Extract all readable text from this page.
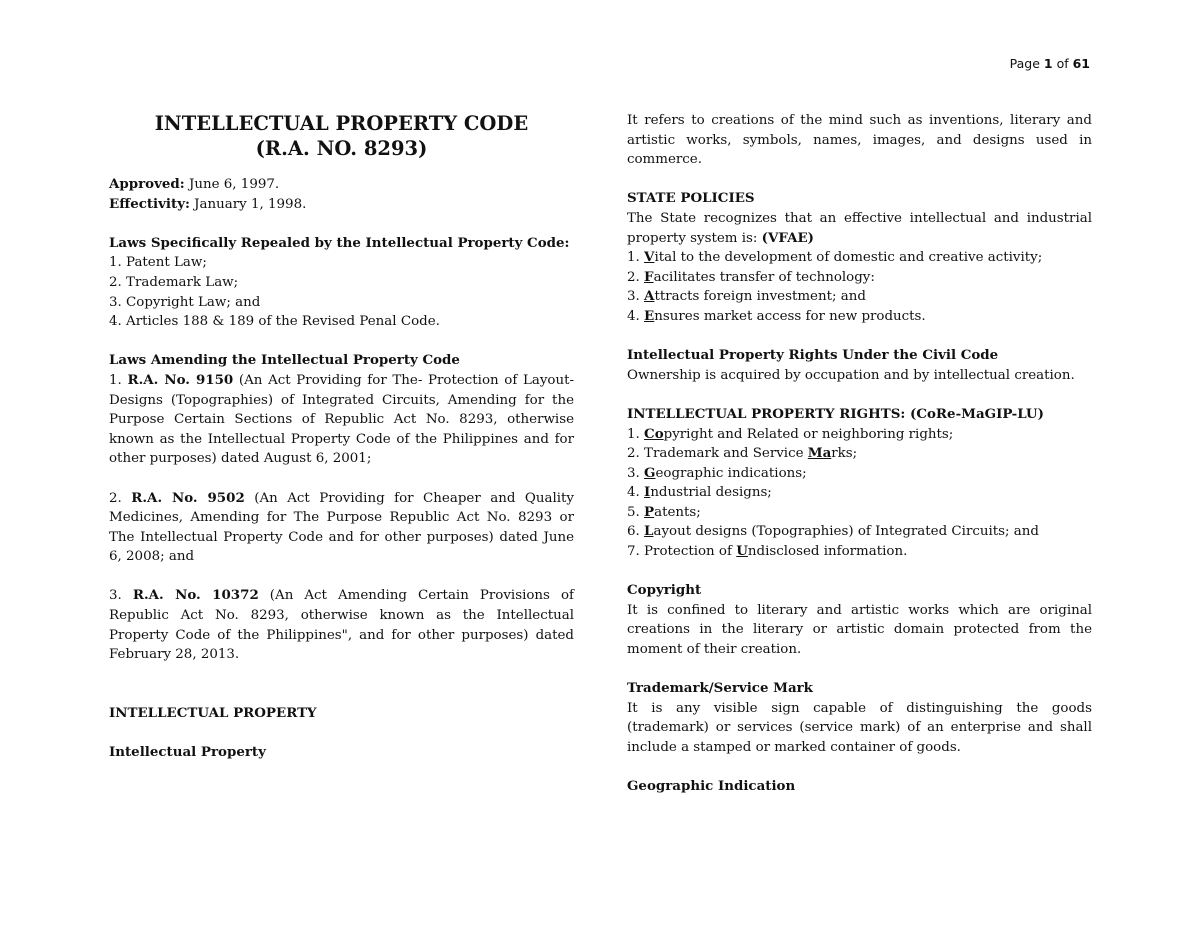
Page 1 of 61
INTELLECTUAL PROPERTY CODE
(R.A. NO. 8293)
Approved: June 6, 1997.
Effectivity: January 1, 1998.
Laws Specifically Repealed by the Intellectual Property Code:
1. Patent Law;
2. Trademark Law;
3. Copyright Law; and
4. Articles 188 & 189 of the Revised Penal Code.
Laws Amending the Intellectual Property Code
1. R.A. No. 9150 (An Act Providing for The- Protection of Layout-Designs (Topographies) of Integrated Circuits, Amending for the Purpose Certain Sections of Republic Act No. 8293, otherwise known as the Intellectual Property Code of the Philippines and for other purposes) dated August 6, 2001;
2. R.A. No. 9502 (An Act Providing for Cheaper and Quality Medicines, Amending for The Purpose Republic Act No. 8293 or The Intellectual Property Code and for other purposes) dated June 6, 2008; and
3. R.A. No. 10372 (An Act Amending Certain Provisions of Republic Act No. 8293, otherwise known as the Intellectual Property Code of the Philippines", and for other purposes) dated February 28, 2013.
INTELLECTUAL PROPERTY
Intellectual Property
It refers to creations of the mind such as inventions, literary and artistic works, symbols, names, images, and designs used in commerce.
STATE POLICIES
The State recognizes that an effective intellectual and industrial property system is: (VFAE)
1. Vital to the development of domestic and creative activity;
2. Facilitates transfer of technology:
3. Attracts foreign investment; and
4. Ensures market access for new products.
Intellectual Property Rights Under the Civil Code
Ownership is acquired by occupation and by intellectual creation.
INTELLECTUAL PROPERTY RIGHTS: (CoRe-MaGIP-LU)
1. Copyright and Related or neighboring rights;
2. Trademark and Service Marks;
3. Geographic indications;
4. Industrial designs;
5. Patents;
6. Layout designs (Topographies) of Integrated Circuits; and
7. Protection of Undisclosed information.
Copyright
It is confined to literary and artistic works which are original creations in the literary or artistic domain protected from the moment of their creation.
Trademark/Service Mark
It is any visible sign capable of distinguishing the goods (trademark) or services (service mark) of an enterprise and shall include a stamped or marked container of goods.
Geographic Indication
